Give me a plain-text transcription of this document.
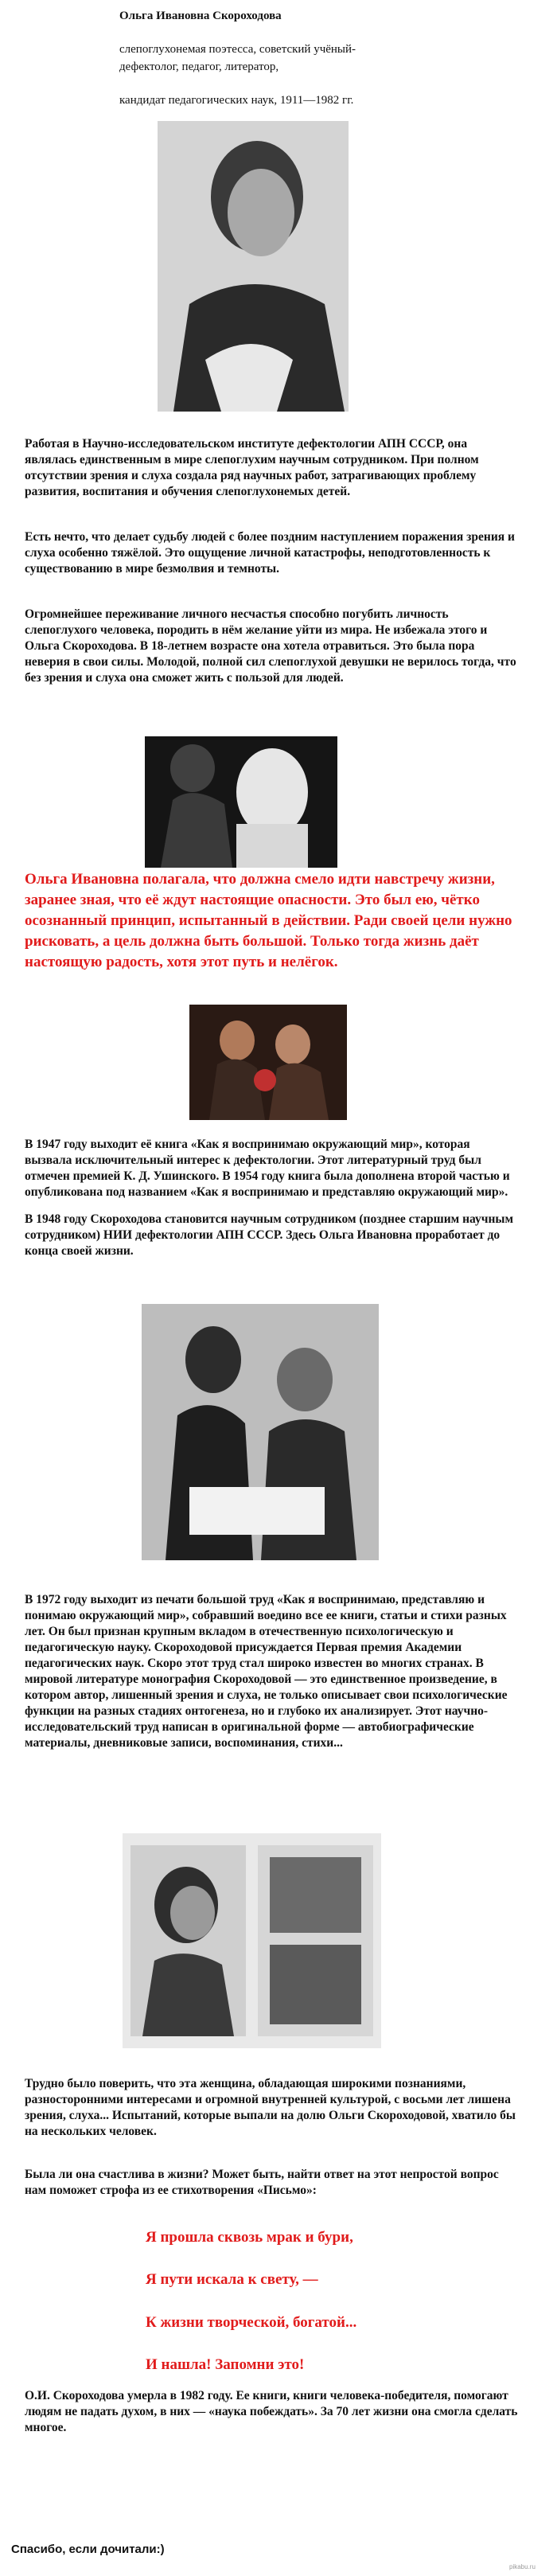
Ольга Ивановна Скороходова
слепоглухонемая поэтесса, советский учёный-
дефектолог, педагог, литератор,
кандидат педагогических наук, 1911—1982 гг.

Работая в Научно-исследовательском институте дефектологии АПН СССР, она являлась единственным в мире слепоглухим научным сотрудником. При полном отсутствии зрения и слуха создала ряд научных работ, затрагивающих проблему развития, воспитания и обучения слепоглухонемых детей.

Есть нечто, что делает судьбу людей с более поздним наступлением поражения зрения и слуха особенно тяжёлой. Это ощущение личной катастрофы, неподготовленность к существованию в мире безмолвия и темноты.

Огромнейшее переживание личного несчастья способно погубить личность слепоглухого человека, породить в нём желание уйти из мира. Не избежала этого и Ольга Скороходова. В 18-летнем возрасте она хотела отравиться. Это была пора неверия в свои силы. Молодой, полной сил слепоглухой девушки не верилось тогда, что без зрения и слуха она сможет жить с пользой для людей.

Ольга Ивановна полагала, что должна смело идти навстречу жизни, заранее зная, что её ждут настоящие опасности. Это был ею, чётко осознанный принцип, испытанный в действии. Ради своей цели нужно рисковать, а цель должна быть большой. Только тогда жизнь даёт настоящую радость, хотя этот путь и нелёгок.

В 1947 году выходит её книга «Как я воспринимаю окружающий мир», которая вызвала исключительный интерес к дефектологии. Этот литературный труд был отмечен премией К. Д. Ушинского. В 1954 году книга была дополнена второй частью и опубликована под названием «Как я воспринимаю и представляю окружающий мир».

В 1948 году Скороходова становится научным сотрудником (позднее старшим научным сотрудником) НИИ дефектологии АПН СССР. Здесь Ольга Ивановна проработает до конца своей жизни.

В 1972 году выходит из печати большой труд «Как я воспринимаю, представляю и понимаю окружающий мир», собравший воедино все ее книги, статьи и стихи разных лет. Он был признан крупным вкладом в отечественную психологическую и педагогическую науку. Скороходовой присуждается Первая премия Академии педагогических наук. Скоро этот труд стал широко известен во многих странах. В мировой литературе монография Скороходовой — это единственное произведение, в котором автор, лишенный зрения и слуха, не только описывает свои психологические функции на разных стадиях онтогенеза, но и глубоко их анализирует. Этот научно-исследовательский труд написан в оригинальной форме — автобиографические материалы, дневниковые записи, воспоминания, стихи...

Трудно было поверить, что эта женщина, обладающая широкими познаниями, разносторонними интересами и огромной внутренней культурой, с восьми лет лишена зрения, слуха... Испытаний, которые выпали на долю Ольги Скороходовой, хватило бы на нескольких человек.

Была ли она счастлива в жизни? Может быть, найти ответ на этот непростой вопрос нам поможет строфа из ее стихотворения «Письмо»:

Я прошла сквозь мрак и бури,
Я пути искала к свету, —
К жизни творческой, богатой...
И нашла! Запомни это!

О.И. Скороходова умерла в 1982 году. Ее книги, книги человека-победителя, помогают людям не падать духом, в них — «наука побеждать». За 70 лет жизни она смогла сделать многое.

Спасибо, если дочитали:)
pikabu.ru
